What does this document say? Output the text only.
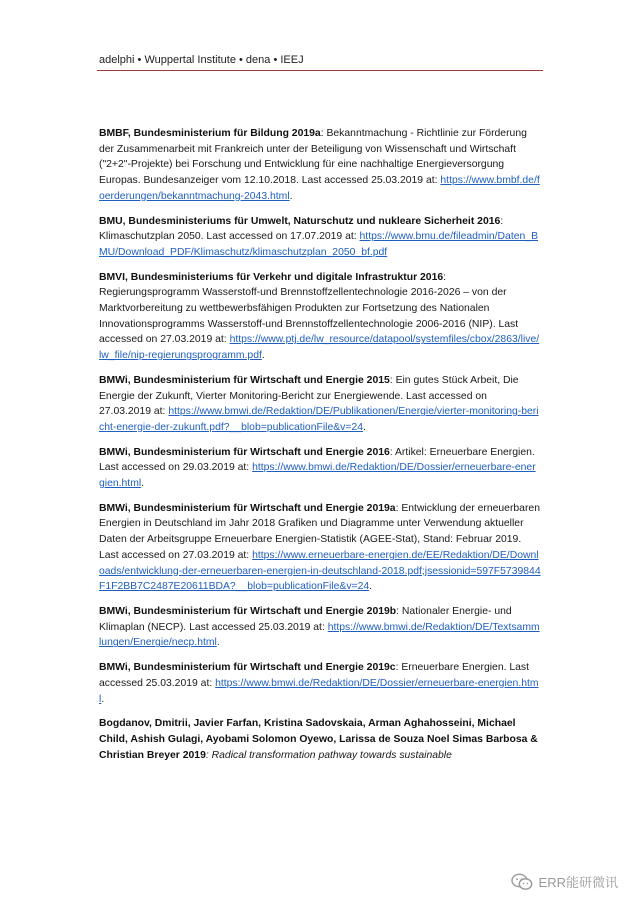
adelphi • Wuppertal Institute • dena • IEEJ

BMBF, Bundesministerium für Bildung 2019a: Bekanntmachung - Richtlinie zur Förderung der Zusammenarbeit mit Frankreich unter der Beteiligung von Wissenschaft und Wirtschaft ("2+2"-Projekte) bei Forschung und Entwicklung für eine nachhaltige Energieversorgung Europas. Bundesanzeiger vom 12.10.2018. Last accessed 25.03.2019 at: https://www.bmbf.de/foerderungen/bekanntmachung-2043.html.

BMU, Bundesministeriums für Umwelt, Naturschutz und nukleare Sicherheit 2016: Klimaschutzplan 2050. Last accessed on 17.07.2019 at: https://www.bmu.de/fileadmin/Daten_BMU/Download_PDF/Klimaschutz/klimaschutzplan_2050_bf.pdf

BMVI, Bundesministeriums für Verkehr und digitale Infrastruktur 2016: Regierungsprogramm Wasserstoff-und Brennstoffzellentechnologie 2016-2026 – von der Marktvorbereitung zu wettbewerbsfähigen Produkten zur Fortsetzung des Nationalen Innovationsprogramms Wasserstoff-und Brennstoffzellentechnologie 2006-2016 (NIP). Last accessed on 27.03.2019 at: https://www.ptj.de/lw_resource/datapool/systemfiles/cbox/2863/live/lw_file/nip-regierungsprogramm.pdf.

BMWi, Bundesministerium für Wirtschaft und Energie 2015: Ein gutes Stück Arbeit, Die Energie der Zukunft, Vierter Monitoring-Bericht zur Energiewende. Last accessed on 27.03.2019 at: https://www.bmwi.de/Redaktion/DE/Publikationen/Energie/vierter-monitoring-bericht-energie-der-zukunft.pdf?__blob=publicationFile&v=24.

BMWi, Bundesministerium für Wirtschaft und Energie 2016: Artikel: Erneuerbare Energien. Last accessed on 29.03.2019 at: https://www.bmwi.de/Redaktion/DE/Dossier/erneuerbare-energien.html.

BMWi, Bundesministerium für Wirtschaft und Energie 2019a: Entwicklung der erneuerbaren Energien in Deutschland im Jahr 2018 Grafiken und Diagramme unter Verwendung aktueller Daten der Arbeitsgruppe Erneuerbare Energien-Statistik (AGEE-Stat), Stand: Februar 2019. Last accessed on 27.03.2019 at: https://www.erneuerbare-energien.de/EE/Redaktion/DE/Downloads/entwicklung-der-erneuerbaren-energien-in-deutschland-2018.pdf;jsessionid=597F5739844F1F2BB7C2487E20611BDA?__blob=publicationFile&v=24.

BMWi, Bundesministerium für Wirtschaft und Energie 2019b: Nationaler Energie- und Klimaplan (NECP). Last accessed 25.03.2019 at: https://www.bmwi.de/Redaktion/DE/Textsammlungen/Energie/necp.html.

BMWi, Bundesministerium für Wirtschaft und Energie 2019c: Erneuerbare Energien. Last accessed 25.03.2019 at: https://www.bmwi.de/Redaktion/DE/Dossier/erneuerbare-energien.html.

Bogdanov, Dmitrii, Javier Farfan, Kristina Sadovskaia, Arman Aghahosseini, Michael Child, Ashish Gulagi, Ayobami Solomon Oyewo, Larissa de Souza Noel Simas Barbosa & Christian Breyer 2019: Radical transformation pathway towards sustainable

ERR能研微讯
